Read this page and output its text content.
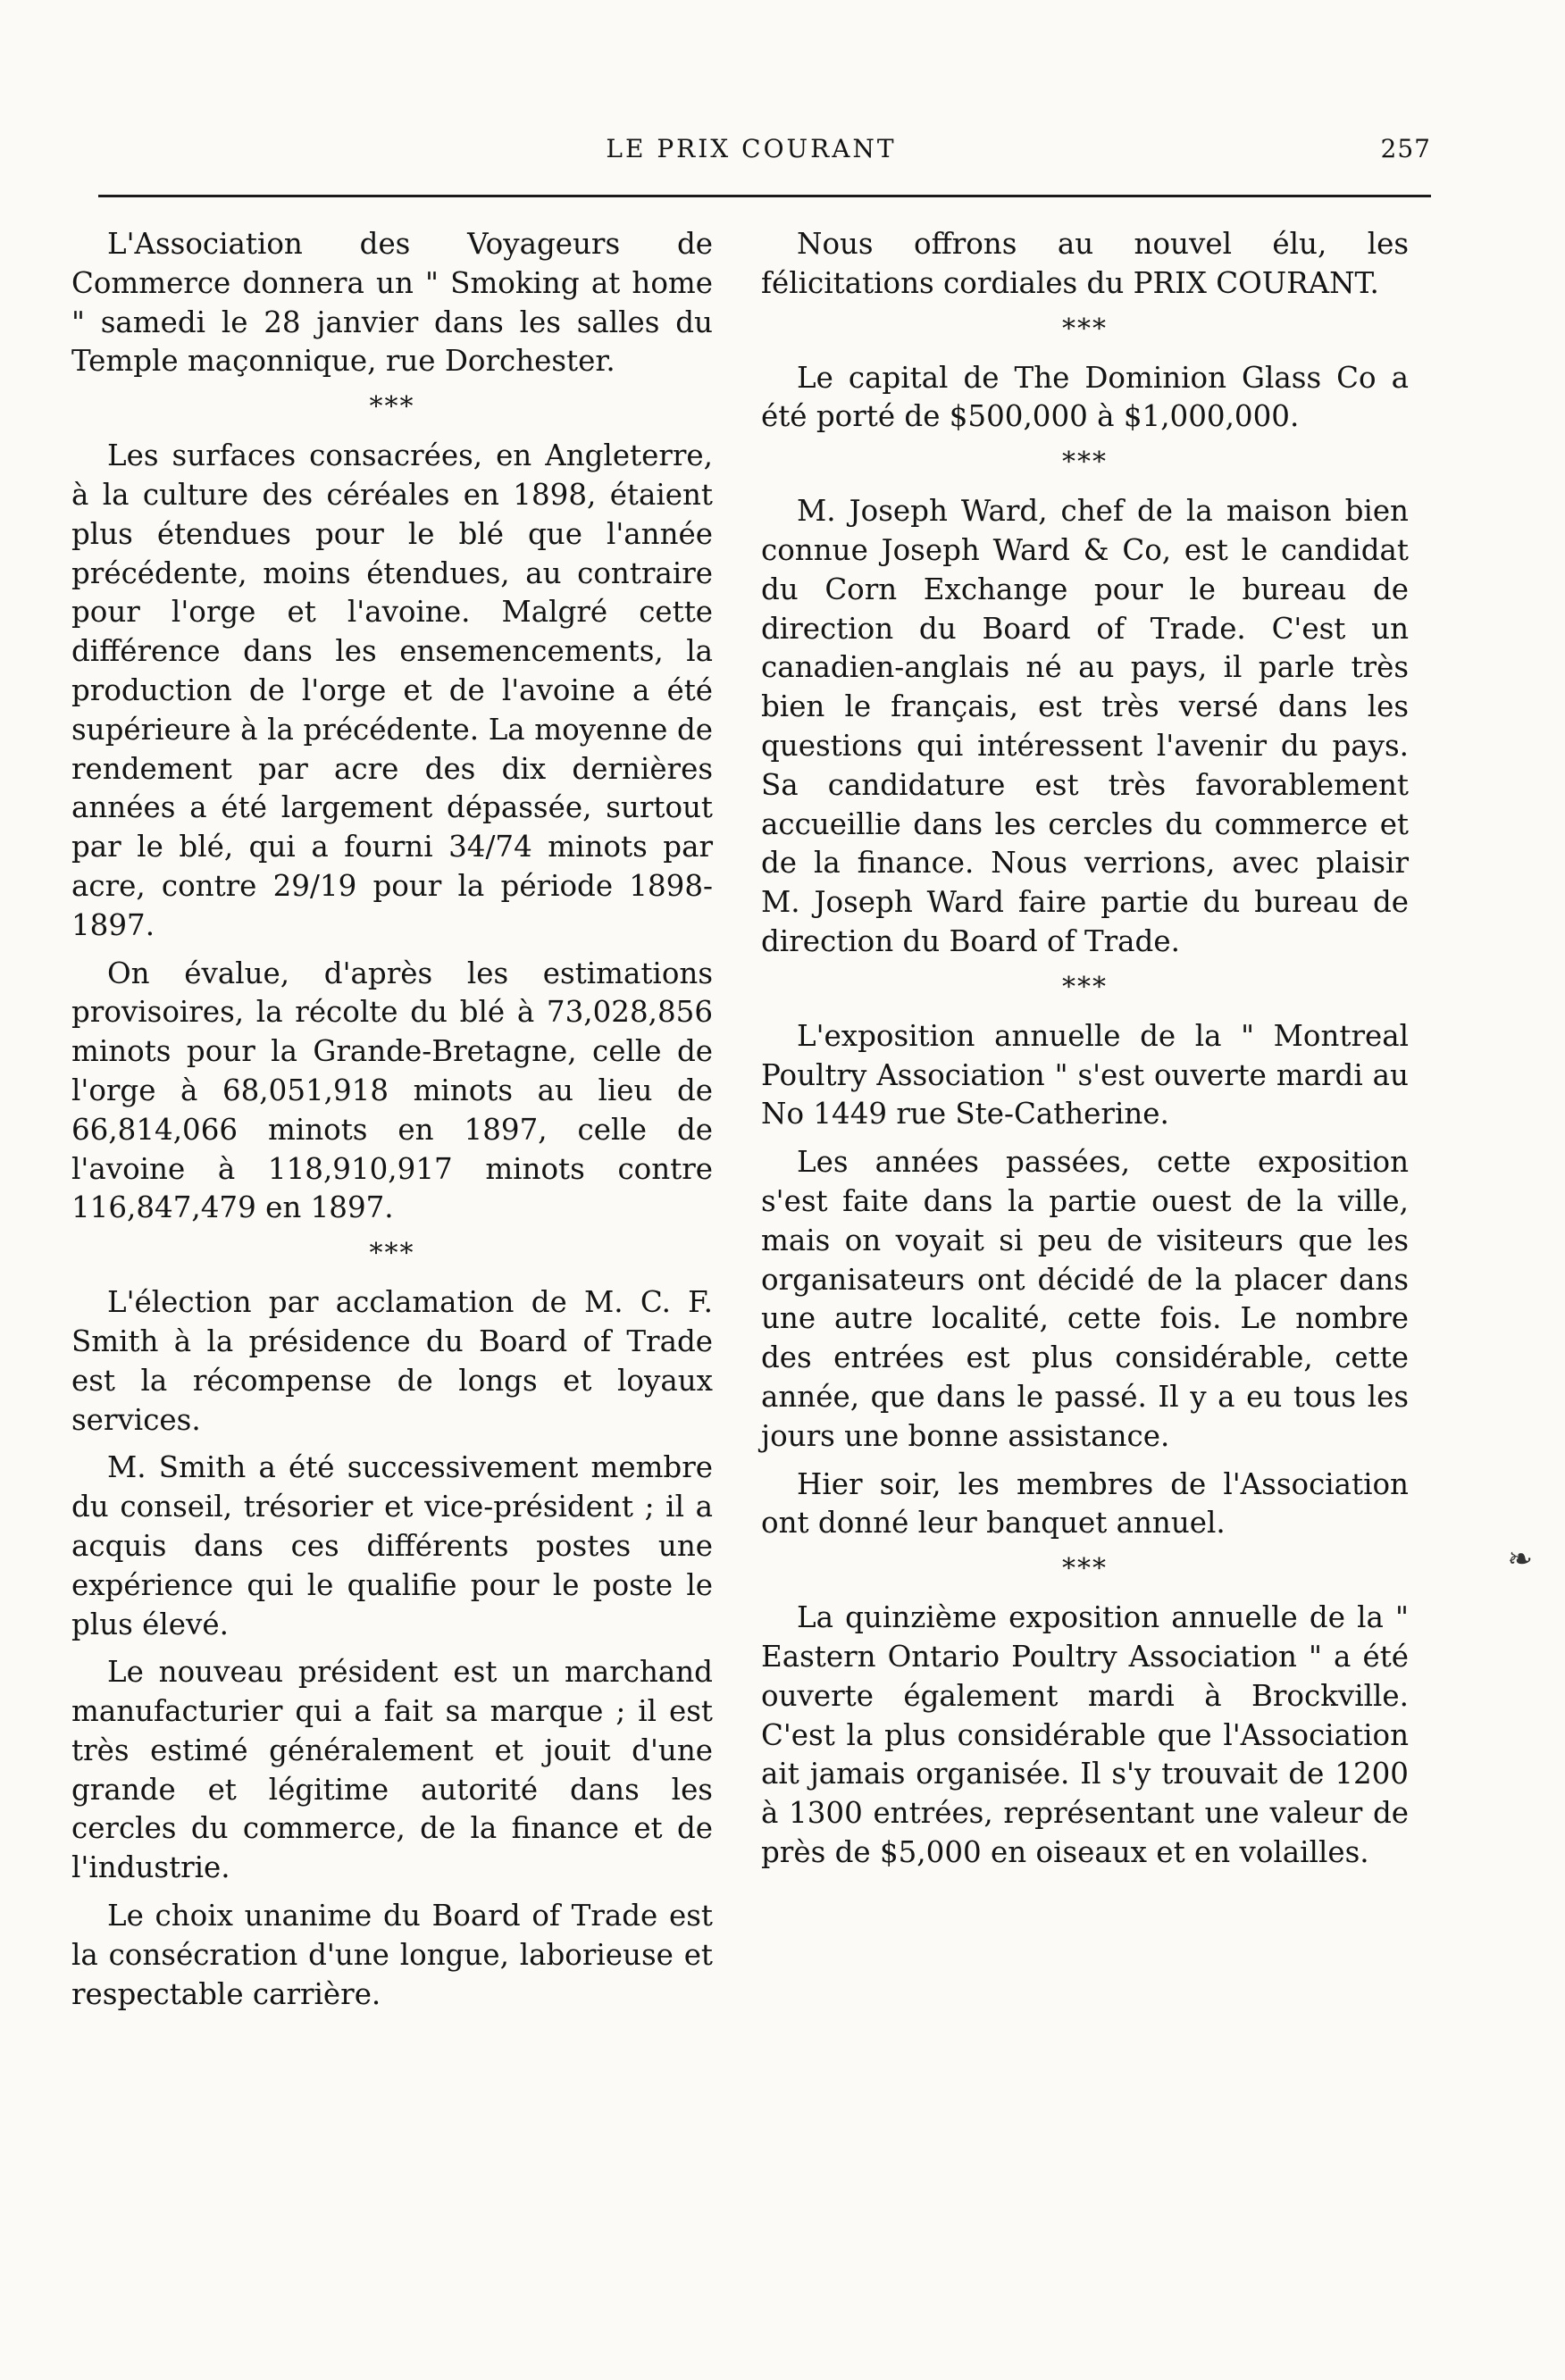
LE PRIX COURANT	257

L'Association des Voyageurs de Commerce donnera un " Smoking at home " samedi le 28 janvier dans les salles du Temple maçonnique, rue Dorchester.

***

Les surfaces consacrées, en Angleterre, à la culture des céréales en 1898, étaient plus étendues pour le blé que l'année précédente, moins étendues, au contraire pour l'orge et l'avoine. Malgré cette différence dans les ensemencements, la production de l'orge et de l'avoine a été supérieure à la précédente. La moyenne de rendement par acre des dix dernières années a été largement dépassée, surtout par le blé, qui a fourni 34/74 minots par acre, contre 29/19 pour la période 1898-1897.

On évalue, d'après les estimations provisoires, la récolte du blé à 73,028,856 minots pour la Grande-Bretagne, celle de l'orge à 68,051,918 minots au lieu de 66,814,066 minots en 1897, celle de l'avoine à 118,910,917 minots contre 116,847,479 en 1897.

***

L'élection par acclamation de M. C. F. Smith à la présidence du Board of Trade est la récompense de longs et loyaux services.

M. Smith a été successivement membre du conseil, trésorier et vice-président ; il a acquis dans ces différents postes une expérience qui le qualifie pour le poste le plus élevé.

Le nouveau président est un marchand manufacturier qui a fait sa marque ; il est très estimé généralement et jouit d'une grande et légitime autorité dans les cercles du commerce, de la finance et de l'industrie.

Le choix unanime du Board of Trade est la consécration d'une longue, laborieuse et respectable carrière.

Nous offrons au nouvel élu, les félicitations cordiales du PRIX COURANT.

***

Le capital de The Dominion Glass Co a été porté de $500,000 à $1,000,000.

***

M. Joseph Ward, chef de la maison bien connue Joseph Ward & Co, est le candidat du Corn Exchange pour le bureau de direction du Board of Trade. C'est un canadien-anglais né au pays, il parle très bien le français, est très versé dans les questions qui intéressent l'avenir du pays. Sa candidature est très favorablement accueillie dans les cercles du commerce et de la finance. Nous verrions, avec plaisir M. Joseph Ward faire partie du bureau de direction du Board of Trade.

***

L'exposition annuelle de la " Montreal Poultry Association " s'est ouverte mardi au No 1449 rue Ste-Catherine.

Les années passées, cette exposition s'est faite dans la partie ouest de la ville, mais on voyait si peu de visiteurs que les organisateurs ont décidé de la placer dans une autre localité, cette fois. Le nombre des entrées est plus considérable, cette année, que dans le passé. Il y a eu tous les jours une bonne assistance.

Hier soir, les membres de l'Association ont donné leur banquet annuel.

***

La quinzième exposition annuelle de la " Eastern Ontario Poultry Association " a été ouverte également mardi à Brockville. C'est la plus considérable que l'Association ait jamais organisée. Il s'y trouvait de 1200 à 1300 entrées, représentant une valeur de près de $5,000 en oiseaux et en volailles.

❧
